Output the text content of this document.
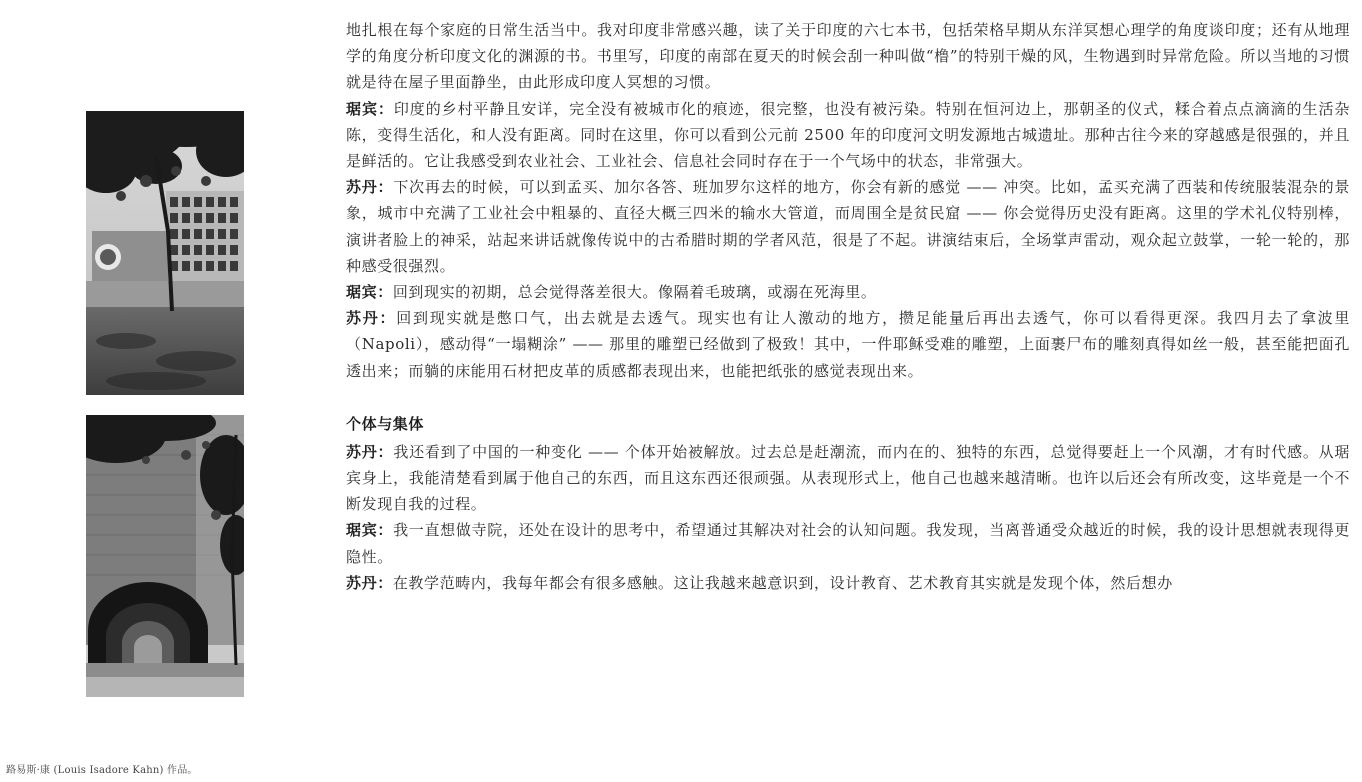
路易斯·康 (Louis Isadore Kahn) 作品。

地扎根在每个家庭的日常生活当中。我对印度非常感兴趣，读了关于印度的六七本书，包括荣格早期从东洋冥想心理学的角度谈印度；还有从地理学的角度分析印度文化的渊源的书。书里写，印度的南部在夏天的时候会刮一种叫做“橹”的特别干燥的风，生物遇到时异常危险。所以当地的习惯就是待在屋子里面静坐，由此形成印度人冥想的习惯。

琚宾：印度的乡村平静且安详，完全没有被城市化的痕迹，很完整，也没有被污染。特别在恒河边上，那朝圣的仪式，糅合着点点滴滴的生活杂陈，变得生活化，和人没有距离。同时在这里，你可以看到公元前 2500 年的印度河文明发源地古城遗址。那种古往今来的穿越感是很强的，并且是鲜活的。它让我感受到农业社会、工业社会、信息社会同时存在于一个气场中的状态，非常强大。

苏丹：下次再去的时候，可以到孟买、加尔各答、班加罗尔这样的地方，你会有新的感觉 —— 冲突。比如，孟买充满了西装和传统服装混杂的景象，城市中充满了工业社会中粗暴的、直径大概三四米的输水大管道，而周围全是贫民窟 —— 你会觉得历史没有距离。这里的学术礼仪特别棒，演讲者脸上的神采，站起来讲话就像传说中的古希腊时期的学者风范，很是了不起。讲演结束后，全场掌声雷动，观众起立鼓掌，一轮一轮的，那种感受很强烈。

琚宾：回到现实的初期，总会觉得落差很大。像隔着毛玻璃，或溺在死海里。

苏丹：回到现实就是憋口气，出去就是去透气。现实也有让人激动的地方，攒足能量后再出去透气，你可以看得更深。我四月去了拿波里（Napoli），感动得“一塌糊涂” —— 那里的雕塑已经做到了极致！其中，一件耶稣受难的雕塑，上面裹尸布的雕刻真得如丝一般，甚至能把面孔透出来；而躺的床能用石材把皮革的质感都表现出来，也能把纸张的感觉表现出来。

个体与集体

苏丹：我还看到了中国的一种变化 —— 个体开始被解放。过去总是赶潮流，而内在的、独特的东西，总觉得要赶上一个风潮，才有时代感。从琚宾身上，我能清楚看到属于他自己的东西，而且这东西还很顽强。从表现形式上，他自己也越来越清晰。也许以后还会有所改变，这毕竟是一个不断发现自我的过程。

琚宾：我一直想做寺院，还处在设计的思考中，希望通过其解决对社会的认知问题。我发现，当离普通受众越近的时候，我的设计思想就表现得更隐性。

苏丹：在教学范畴内，我每年都会有很多感触。这让我越来越意识到，设计教育、艺术教育其实就是发现个体，然后想办
